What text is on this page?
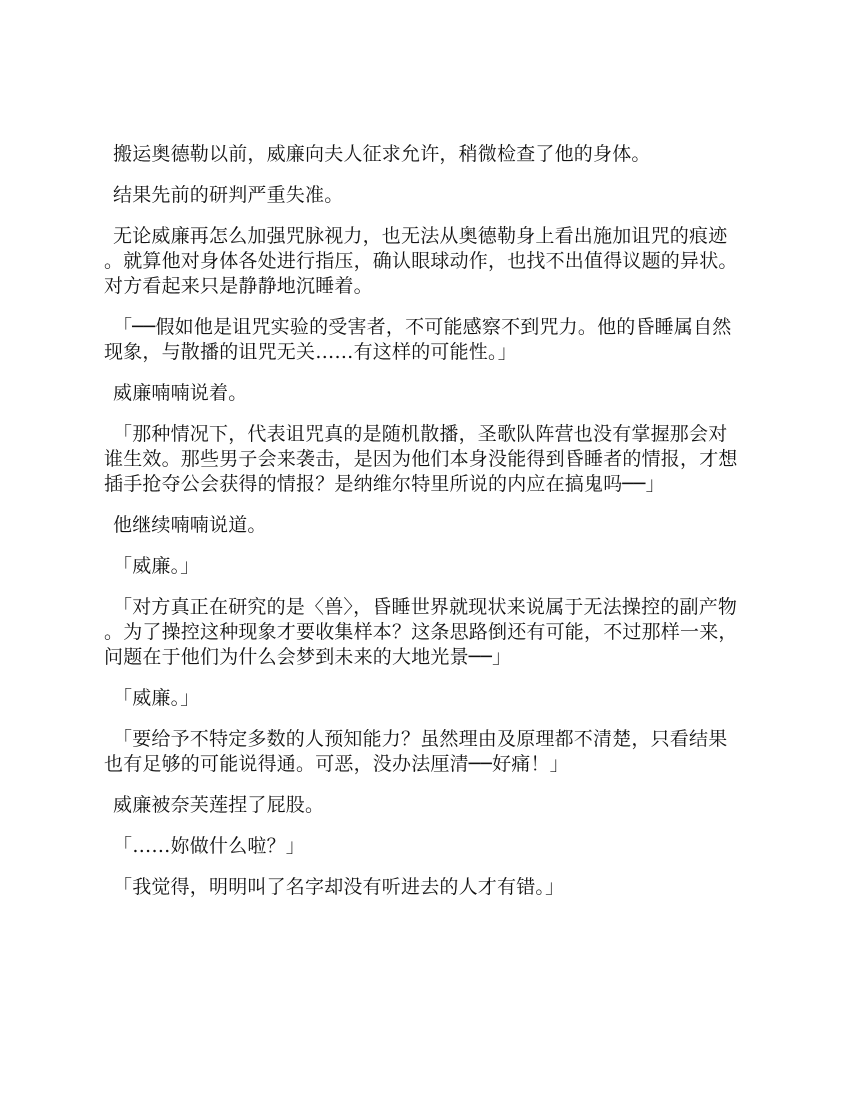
搬运奥德勒以前，威廉向夫人征求允许，稍微检查了他的身体。

结果先前的研判严重失准。

无论威廉再怎么加强咒脉视力，也无法从奥德勒身上看出施加诅咒的痕迹。就算他对身体各处进行指压，确认眼球动作，也找不出值得议题的异状。对方看起来只是静静地沉睡着。

「──假如他是诅咒实验的受害者，不可能感察不到咒力。他的昏睡属自然现象，与散播的诅咒无关……有这样的可能性。」

威廉喃喃说着。

「那种情况下，代表诅咒真的是随机散播，圣歌队阵营也没有掌握那会对谁生效。那些男子会来袭击，是因为他们本身没能得到昏睡者的情报，才想插手抢夺公会获得的情报？是纳维尔特里所说的内应在搞鬼吗──」

他继续喃喃说道。

「威廉。」

「对方真正在研究的是〈兽〉，昏睡世界就现状来说属于无法操控的副产物。为了操控这种现象才要收集样本？这条思路倒还有可能，不过那样一来，问题在于他们为什么会梦到未来的大地光景──」

「威廉。」

「要给予不特定多数的人预知能力？虽然理由及原理都不清楚，只看结果也有足够的可能说得通。可恶，没办法厘清──好痛！」

威廉被奈芙莲捏了屁股。

「……妳做什么啦？」

「我觉得，明明叫了名字却没有听进去的人才有错。」
